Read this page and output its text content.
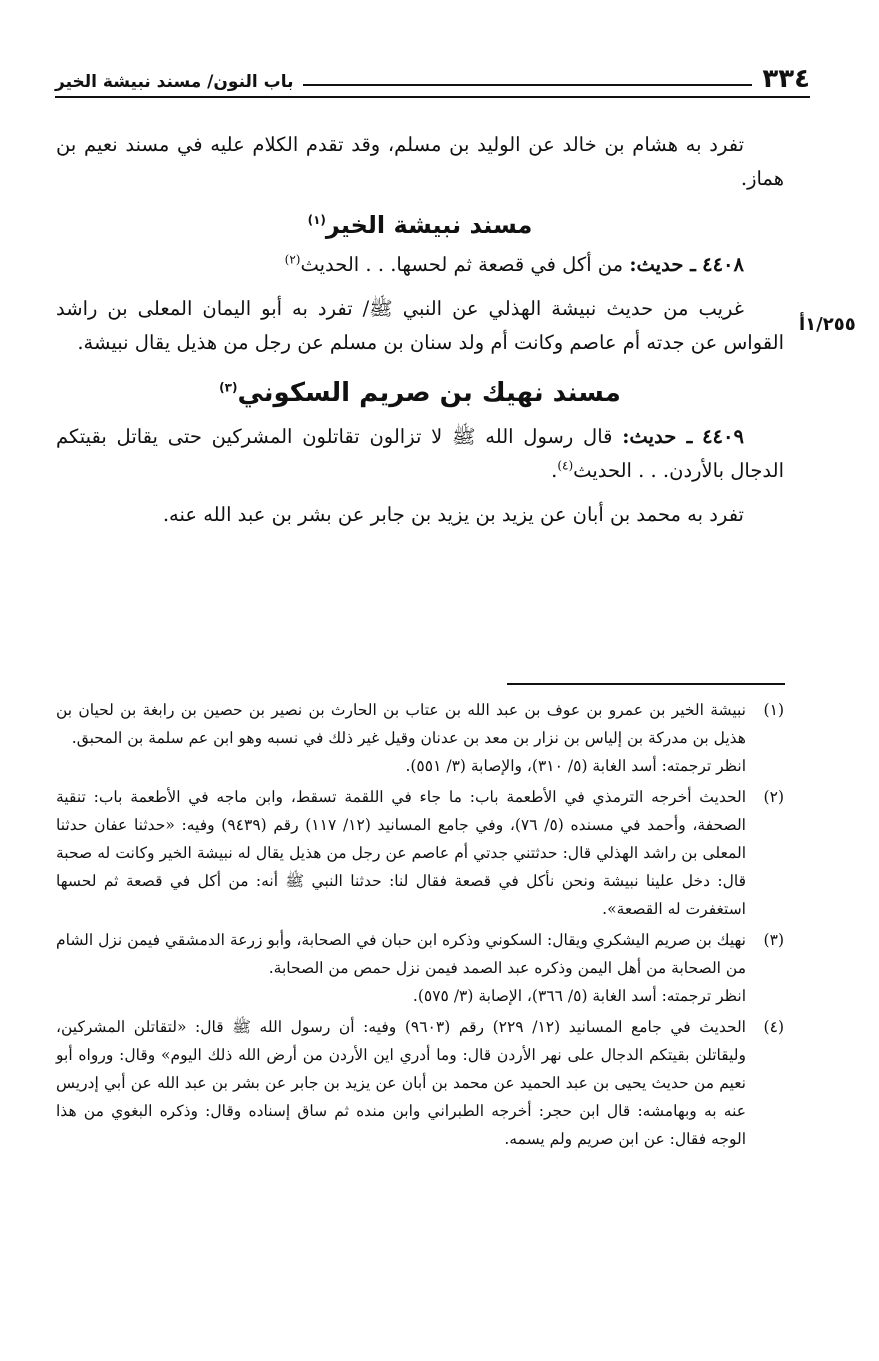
٣٣٤
باب النون/ مسند نبيشة الخير
١/٢٥٥أ

تفرد به هشام بن خالد عن الوليد بن مسلم، وقد تقدم الكلام عليه في مسند نعيم بن هماز.

مسند نبيشة الخير$^{(١)}$

٤٤٠٨ ـ حديث: من أكل في قصعة ثم لحسها. . . الحديث$^{(٢)}$

غريب من حديث نبيشة الهذلي عن النبي ﷺ/ تفرد به أبو اليمان المعلى بن راشد القواس عن جدته أم عاصم وكانت أم ولد سنان بن مسلم عن رجل من هذيل يقال نبيشة.

مسند نهيك بن صريم السكوني$^{(٣)}$

٤٤٠٩ ـ حديث: قال رسول الله ﷺ لا تزالون تقاتلون المشركين حتى يقاتل بقيتكم الدجال بالأردن. . . الحديث$^{(٤)}$.

تفرد به محمد بن أبان عن يزيد بن يزيد بن جابر عن بشر بن عبد الله عنه.

(١)

نبيشة الخير بن عمرو بن عوف بن عبد الله بن عتاب بن الحارث بن نصير بن حصين بن رابغة بن لحيان بن هذيل بن مدركة بن إلياس بن نزار بن معد بن عدنان وقيل غير ذلك في نسبه وهو ابن عم سلمة بن المحبق.

انظر ترجمته: أسد الغابة (٥/ ٣١٠)، والإصابة (٣/ ٥٥١).

(٢)

الحديث أخرجه الترمذي في الأطعمة باب: ما جاء في اللقمة تسقط، وابن ماجه في الأطعمة باب: تنقية الصحفة، وأحمد في مسنده (٥/ ٧٦)، وفي جامع المسانيد (١٢/ ١١٧) رقم (٩٤٣٩) وفيه: «حدثنا عفان حدثنا المعلى بن راشد الهذلي قال: حدثتني جدتي أم عاصم عن رجل من هذيل يقال له نبيشة الخير وكانت له صحبة قال: دخل علينا نبيشة ونحن نأكل في قصعة فقال لنا: حدثنا النبي ﷺ أنه: من أكل في قصعة ثم لحسها استغفرت له القصعة».

(٣)

نهيك بن صريم اليشكري ويقال: السكوني وذكره ابن حبان في الصحابة، وأبو زرعة الدمشقي فيمن نزل الشام من الصحابة من أهل اليمن وذكره عبد الصمد فيمن نزل حمص من الصحابة.

انظر ترجمته: أسد الغابة (٥/ ٣٦٦)، الإصابة (٣/ ٥٧٥).

(٤)

الحديث في جامع المسانيد (١٢/ ٢٢٩) رقم (٩٦٠٣) وفيه: أن رسول الله ﷺ قال: «لتقاتلن المشركين، وليقاتلن بقيتكم الدجال على نهر الأردن قال: وما أدري اين الأردن من أرض الله ذلك اليوم» وقال: ورواه أبو نعيم من حديث يحيى بن عبد الحميد عن محمد بن أبان عن يزيد بن جابر عن بشر بن عبد الله عن أبي إدريس عنه به وبهامشه: قال ابن حجر: أخرجه الطبراني وابن منده ثم ساق إسناده وقال: وذكره البغوي من هذا الوجه فقال: عن ابن صريم ولم يسمه.
